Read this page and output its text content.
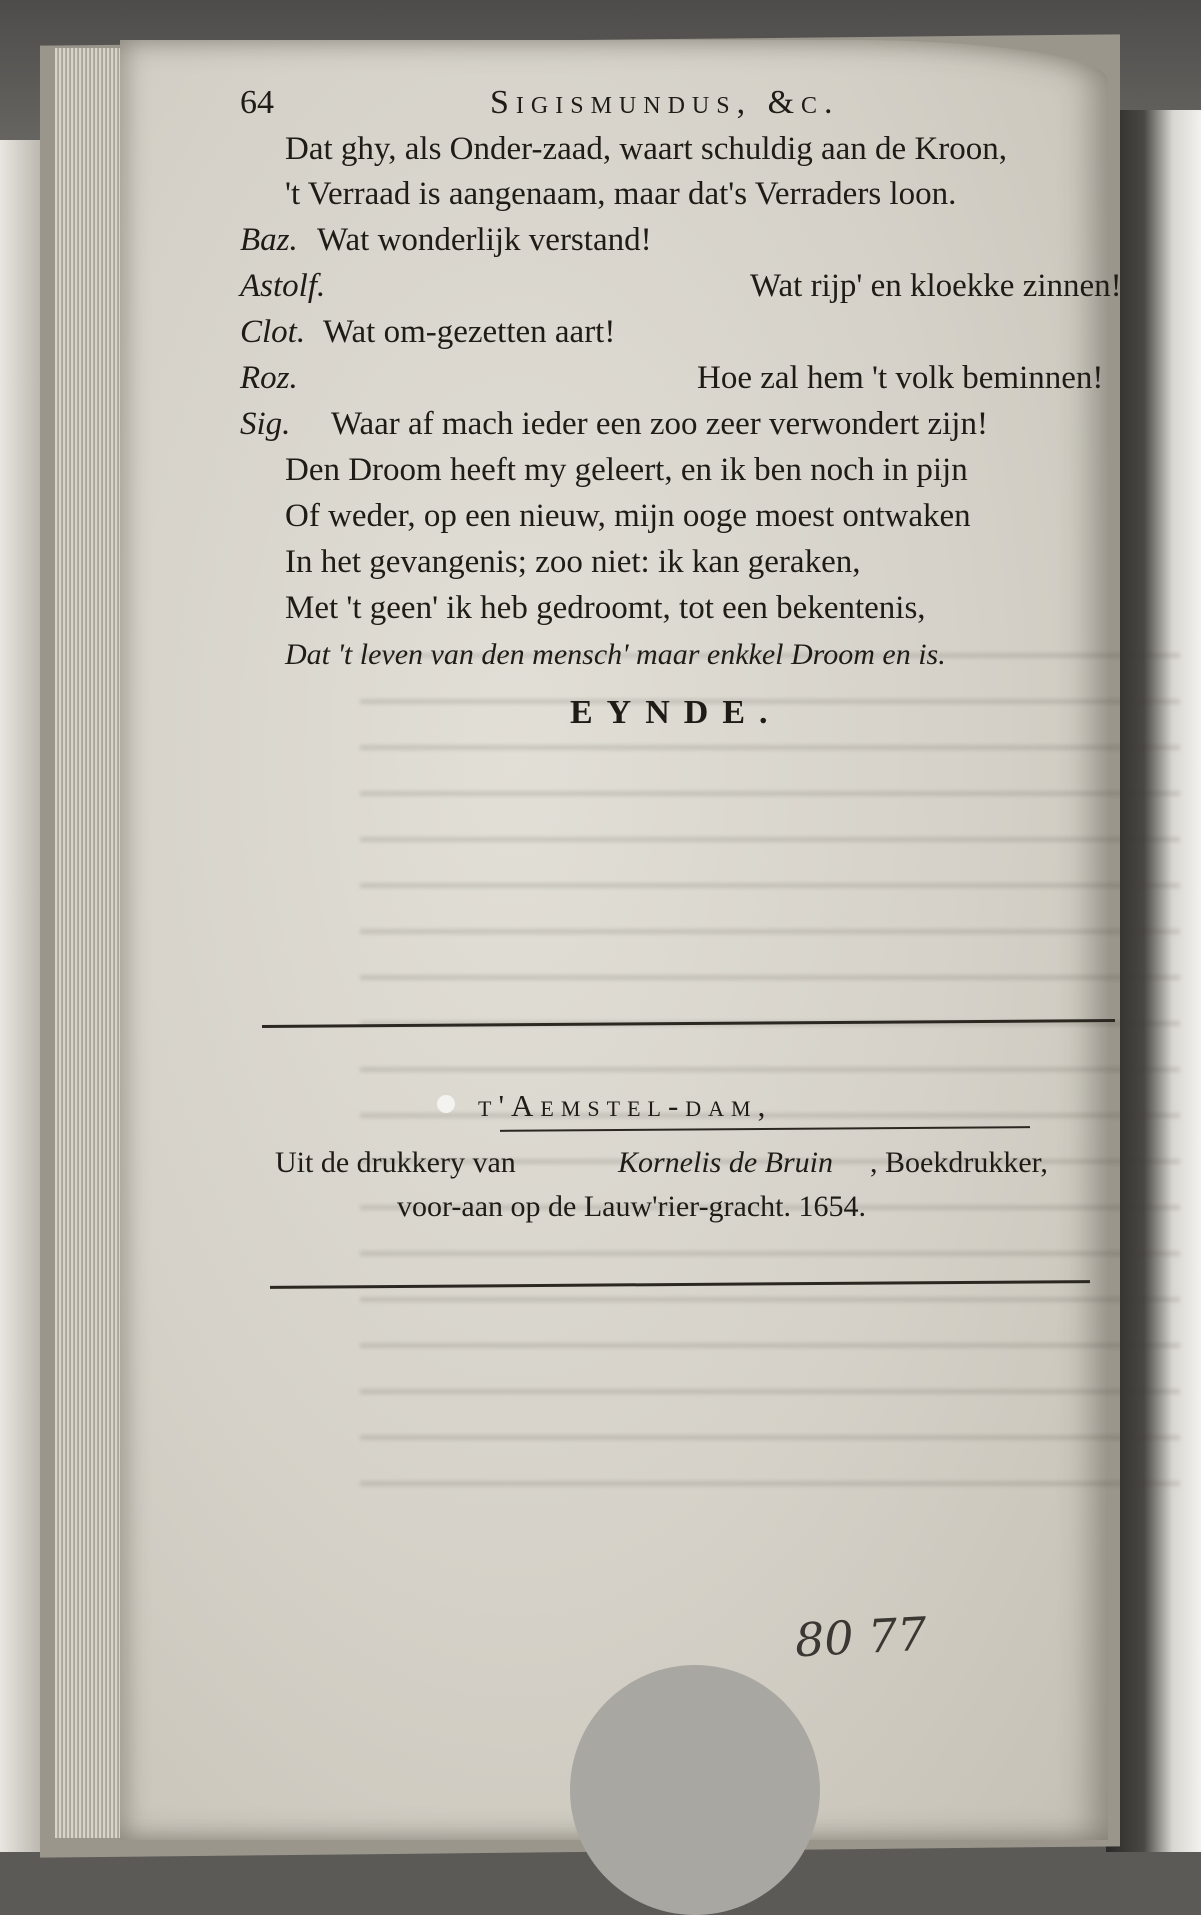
64	Sigismundus, &c.
Dat ghy, als Onder-zaad, waart schuldig aan de Kroon,
't Verraad is aangenaam, maar dat's Verraders loon.
Baz. Wat wonderlijk verstand!
Astolf.	Wat rijp' en kloekke zinnen!
Clot. Wat om-gezetten aart!
Roz.	Hoe zal hem 't volk beminnen!
Sig. Waar af mach ieder een zoo zeer verwondert zijn!
Den Droom heeft my geleert, en ik ben noch in pijn
Of weder, op een nieuw, mijn ooge moest ontwaken
In het gevangenis; zoo niet: ik kan geraken,
Met 't geen' ik heb gedroomt, tot een bekentenis,
Dat 't leven van den mensch' maar enkkel Droom en is.
EYNDE.
t'Aemstel-dam,
Uit de drukkery van	Kornelis de Bruin , Boekdrukker,
voor-aan op de Lauw'rier-gracht. 1654.
80 77
